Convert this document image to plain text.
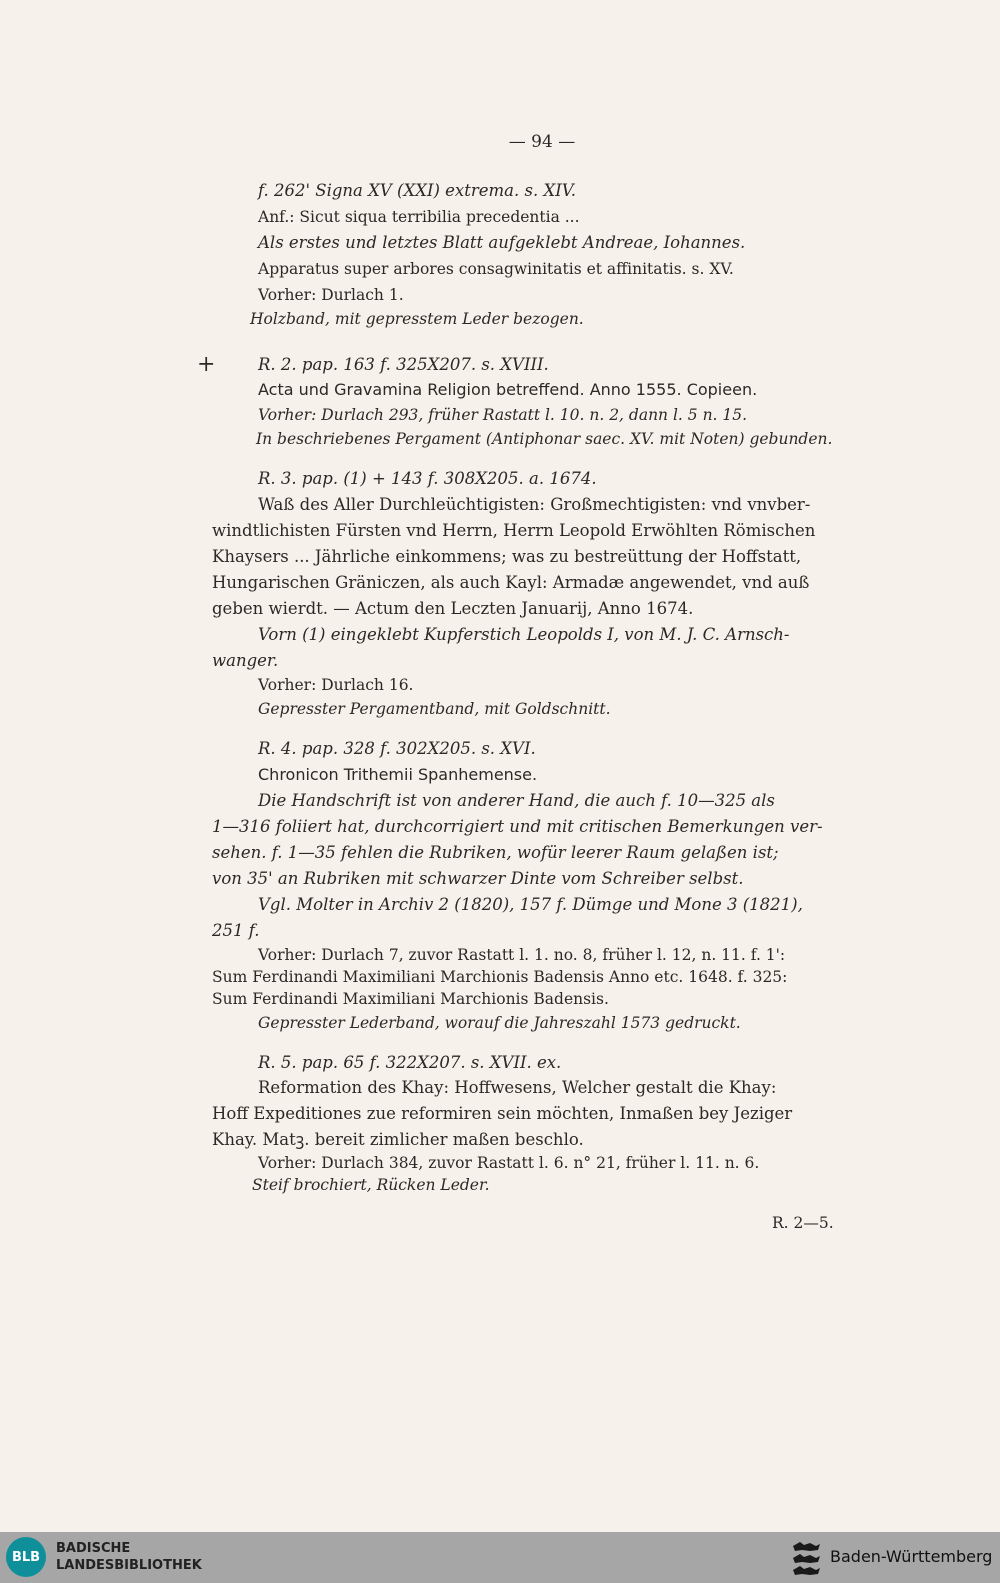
— 94 —
f. 262' Signa XV (XXI) extrema. s. XIV.
Anf.: Sicut siqua terribilia precedentia ...
Als erstes und letztes Blatt aufgeklebt Andreae, Iohannes.
Apparatus super arbores consagwinitatis et affinitatis. s. XV.
Vorher: Durlach 1.
Holzband, mit gepresstem Leder bezogen.
+	R. 2. pap. 163 f. 325X207. s. XVIII.
Acta und Gravamina Religion betreffend. Anno 1555. Copieen.
Vorher: Durlach 293, früher Rastatt l. 10. n. 2, dann l. 5 n. 15.
In beschriebenes Pergament (Antiphonar saec. XV. mit Noten) gebunden.
R. 3. pap. (1) + 143 f. 308X205. a. 1674.
Waß des Aller Durchleüchtigisten: Großmechtigisten: vnd vnvber-
windtlichisten Fürsten vnd Herrn, Herrn Leopold Erwöhlten Römischen
Khaysers ... Jährliche einkommens; was zu bestreüttung der Hoffstatt,
Hungarischen Gräniczen, als auch Kayl: Armadæ angewendet, vnd auß
geben wierdt. — Actum den Leczten Januarij, Anno 1674.
Vorn (1) eingeklebt Kupferstich Leopolds I, von M. J. C. Arnsch-
wanger.
Vorher: Durlach 16.
Gepresster Pergamentband, mit Goldschnitt.
R. 4. pap. 328 f. 302X205. s. XVI.
Chronicon Trithemii Spanhemense.
Die Handschrift ist von anderer Hand, die auch f. 10—325 als
1—316 foliiert hat, durchcorrigiert und mit critischen Bemerkungen ver-
sehen. f. 1—35 fehlen die Rubriken, wofür leerer Raum gelaßen ist;
von 35' an Rubriken mit schwarzer Dinte vom Schreiber selbst.
Vgl. Molter in Archiv 2 (1820), 157 f. Dümge und Mone 3 (1821),
251 f.
Vorher: Durlach 7, zuvor Rastatt l. 1. no. 8, früher l. 12, n. 11. f. 1':
Sum Ferdinandi Maximiliani Marchionis Badensis Anno etc. 1648. f. 325:
Sum Ferdinandi Maximiliani Marchionis Badensis.
Gepresster Lederband, worauf die Jahreszahl 1573 gedruckt.
R. 5. pap. 65 f. 322X207. s. XVII. ex.
Reformation des Khay: Hoffwesens, Welcher gestalt die Khay:
Hoff Expeditiones zue reformiren sein möchten, Inmaßen bey Jeziger
Khay. Matꝫ. bereit zimlicher maßen beschlo.
Vorher: Durlach 384, zuvor Rastatt l. 6. n° 21, früher l. 11. n. 6.
Steif brochiert, Rücken Leder.
R. 2—5.
BLB
BADISCHE
LANDESBIBLIOTHEK	Baden-Württemberg
